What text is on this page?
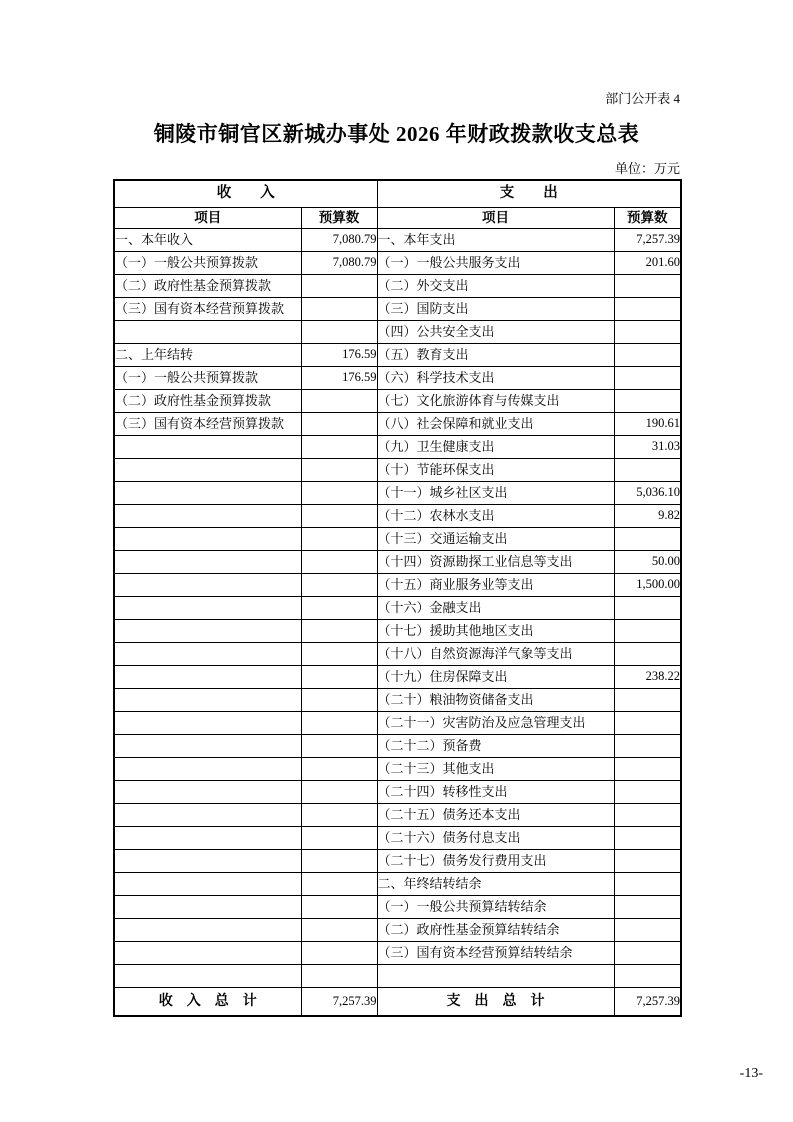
部门公开表 4
铜陵市铜官区新城办事处 2026 年财政拨款收支总表
单位：万元
收　　入		支　　出	
项目	预算数	项目	预算数
一、本年收入	7,080.79	一、本年支出	7,257.39
（一）一般公共预算拨款	7,080.79	（一）一般公共服务支出	201.60
（二）政府性基金预算拨款		（二）外交支出	
（三）国有资本经营预算拨款		（三）国防支出	
		（四）公共安全支出	
二、上年结转	176.59	（五）教育支出	
（一）一般公共预算拨款	176.59	（六）科学技术支出	
（二）政府性基金预算拨款		（七）文化旅游体育与传媒支出	
（三）国有资本经营预算拨款		（八）社会保障和就业支出	190.61
		（九）卫生健康支出	31.03
		（十）节能环保支出	
		（十一）城乡社区支出	5,036.10
		（十二）农林水支出	9.82
		（十三）交通运输支出	
		（十四）资源勘探工业信息等支出	50.00
		（十五）商业服务业等支出	1,500.00
		（十六）金融支出	
		（十七）援助其他地区支出	
		（十八）自然资源海洋气象等支出	
		（十九）住房保障支出	238.22
		（二十）粮油物资储备支出	
		（二十一）灾害防治及应急管理支出	
		（二十二）预备费	
		（二十三）其他支出	
		（二十四）转移性支出	
		（二十五）债务还本支出	
		（二十六）债务付息支出	
		（二十七）债务发行费用支出	
		二、年终结转结余	
		（一）一般公共预算结转结余	
		（二）政府性基金预算结转结余	
		（三）国有资本经营预算结转结余	

收　入　总　计	7,257.39	支　出　总　计	7,257.39
-13-
